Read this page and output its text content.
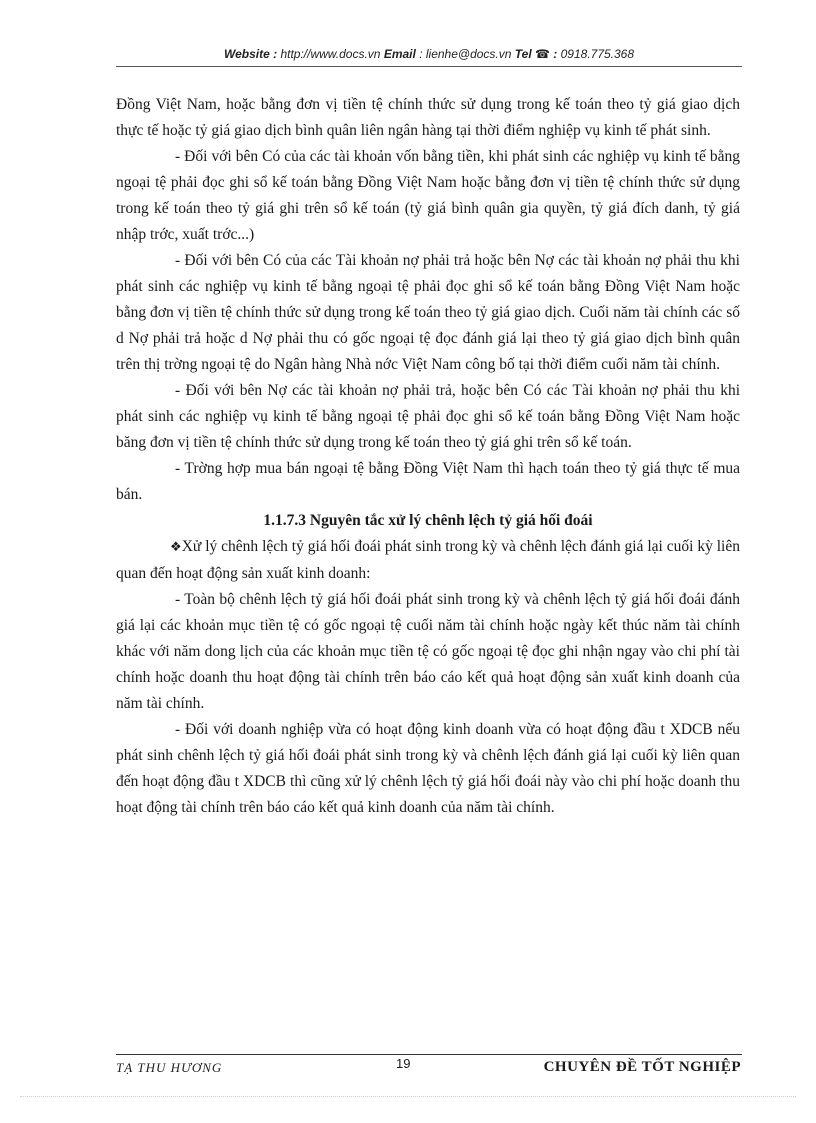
Website : http://www.docs.vn Email : lienhe@docs.vn Tel ☎ : 0918.775.368

Đồng Việt Nam, hoặc bằng đơn vị tiền tệ chính thức sử dụng trong kế toán theo tỷ giá giao dịch thực tế hoặc tỷ giá giao dịch bình quân liên ngân hàng tại thời điểm nghiệp vụ kinh tế phát sinh.

- Đối với bên Có của các tài khoản vốn bằng tiền, khi phát sinh các nghiệp vụ kinh tế bằng ngoại tệ phải đọc ghi sổ kế toán bằng Đồng Việt Nam hoặc bằng đơn vị tiền tệ chính thức sử dụng trong kế toán theo tỷ giá ghi trên sổ kế toán (tỷ giá bình quân gia quyền, tỷ giá đích danh, tỷ giá nhập trớc, xuất trớc...)

- Đối với bên Có của các Tài khoản nợ phải trả hoặc bên Nợ các tài khoản nợ phải thu khi phát sinh các nghiệp vụ kinh tế bằng ngoại tệ phải đọc ghi sổ kế toán bằng Đồng Việt Nam hoặc bằng đơn vị tiền tệ chính thức sử dụng trong kế toán theo tỷ giá giao dịch. Cuối năm tài chính các số d Nợ phải trả hoặc d Nợ phải thu có gốc ngoại tệ đọc đánh giá lại theo tỷ giá giao dịch bình quân trên thị trờng ngoại tệ do Ngân hàng Nhà nớc Việt Nam công bố tại thời điểm cuối năm tài chính.

- Đối với bên Nợ các tài khoản nợ phải trả, hoặc bên Có các Tài khoản nợ phải thu khi phát sinh các nghiệp vụ kinh tế bằng ngoại tệ phải đọc ghi sổ kế toán bằng Đồng Việt Nam hoặc băng đơn vị tiền tệ chính thức sử dụng trong kế toán theo tỷ giá ghi trên sổ kế toán.

- Trờng hợp mua bán ngoại tệ bằng Đồng Việt Nam thì hạch toán theo tỷ giá thực tế mua bán.

1.1.7.3 Nguyên tắc xử lý chênh lệch tỷ giá hối đoái

❖Xử lý chênh lệch tỷ giá hối đoái phát sinh trong kỳ và chênh lệch đánh giá lại cuối kỳ liên quan đến hoạt động sản xuất kinh doanh:

- Toàn bộ chênh lệch tỷ giá hối đoái phát sinh trong kỳ và chênh lệch tỷ giá hối đoái đánh giá lại các khoản mục tiền tệ có gốc ngoại tệ cuối năm tài chính hoặc ngày kết thúc năm tài chính khác với năm dong lịch của các khoản mục tiền tệ có gốc ngoại tệ đọc ghi nhận ngay vào chi phí tài chính hoặc doanh thu hoạt động tài chính trên báo cáo kết quả hoạt động sản xuất kinh doanh của năm tài chính.

- Đối với doanh nghiệp vừa có hoạt động kinh doanh vừa có hoạt động đầu t XDCB nếu phát sinh chênh lệch tỷ giá hối đoái phát sinh trong kỳ và chênh lệch đánh giá lại cuối kỳ liên quan đến hoạt động đầu t XDCB thì cũng xử lý chênh lệch tỷ giá hối đoái này vào chi phí hoặc doanh thu hoạt động tài chính trên báo cáo kết quả kinh doanh của năm tài chính.

TẠ THU HƯƠNG	19	CHUYÊN ĐỀ TỐT NGHIỆP
